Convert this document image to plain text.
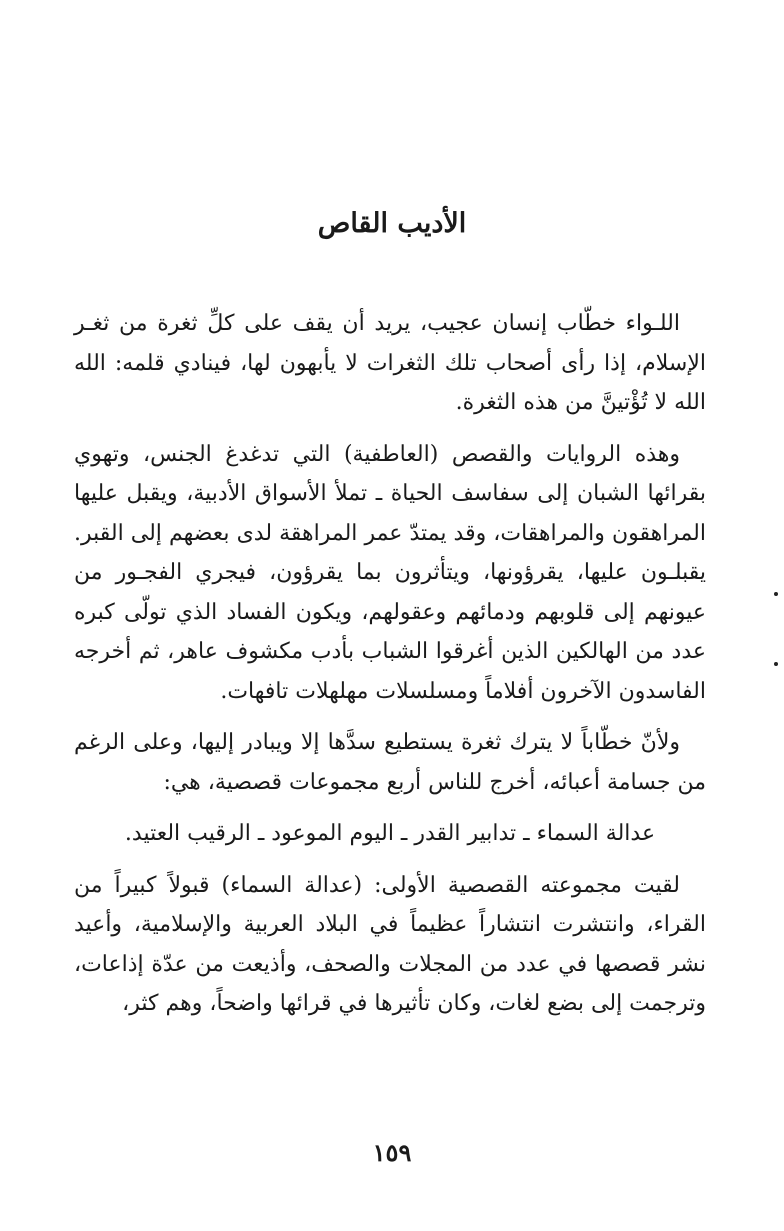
الأديب القاص

اللـواء خطّاب إنسان عجيب، يريد أن يقف على كلِّ ثغرة من ثغـر الإسلام، إذا رأى أصحاب تلك الثغرات لا يأبهون لها، فينادي قلمه: الله الله لا تُؤْتينَّ من هذه الثغرة.

وهذه الروايات والقصص (العاطفية) التي تدغدغ الجنس، وتهوي بقرائها الشبان إلى سفاسف الحياة ـ تملأ الأسواق الأدبية، ويقبل عليها المراهقون والمراهقات، وقد يمتدّ عمر المراهقة لدى بعضهم إلى القبر. يقبلـون عليها، يقرؤونها، ويتأثرون بما يقرؤون، فيجري الفجـور من عيونهم إلى قلوبهم ودمائهم وعقولهم، ويكون الفساد الذي تولّى كبره عدد من الهالكين الذين أغرقوا الشباب بأدب مكشوف عاهر، ثم أخرجه الفاسدون الآخرون أفلاماً ومسلسلات مهلهلات تافهات.

ولأنّ خطّاباً لا يترك ثغرة يستطيع سدَّها إلا ويبادر إليها، وعلى الرغم من جسامة أعبائه، أخرج للناس أربع مجموعات قصصية، هي:

عدالة السماء ـ تدابير القدر ـ اليوم الموعود ـ الرقيب العتيد.

لقيت مجموعته القصصية الأولى: (عدالة السماء) قبولاً كبيراً من القراء، وانتشرت انتشاراً عظيماً في البلاد العربية والإسلامية، وأعيد نشر قصصها في عدد من المجلات والصحف، وأذيعت من عدّة إذاعات، وترجمت إلى بضع لغات، وكان تأثيرها في قرائها واضحاً، وهم كثر،

١٥٩
